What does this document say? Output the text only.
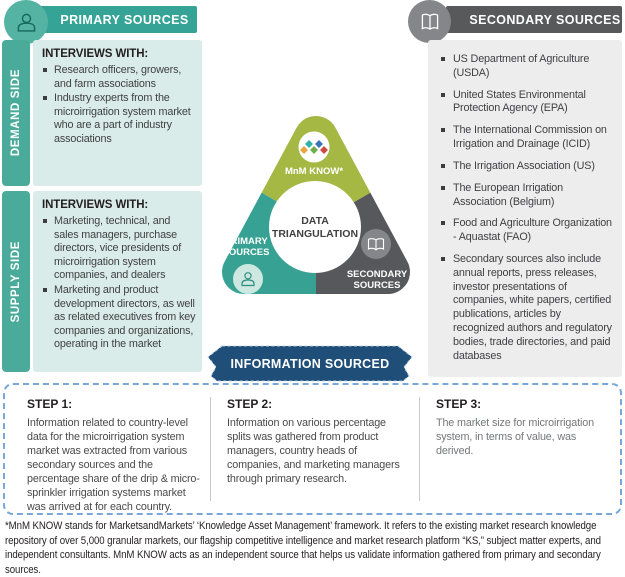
PRIMARY SOURCES	SECONDARY SOURCES
DEMAND SIDE
INTERVIEWS WITH:
Research officers, growers, and farm associations
Industry experts from the microirrigation system market who are a part of industry associations
SUPPLY SIDE
INTERVIEWS WITH:
Marketing, technical, and sales managers, purchase directors, vice presidents of microirrigation system companies, and dealers
Marketing and product development directors, as well as related executives from key companies and organizations, operating in the market
US Department of Agriculture (USDA)
United States Environmental Protection Agency (EPA)
The International Commission on Irrigation and Drainage (ICID)
The Irrigation Association (US)
The European Irrigation Association (Belgium)
Food and Agriculture Organization - Aquastat (FAO)
Secondary sources also include annual reports, press releases, investor presentations of companies, white papers, certified publications, articles by recognized authors and regulatory bodies, trade directories, and paid databases
MnM KNOW*
DATA
TRIANGULATION
PRIMARY
SOURCES
SECONDARY
SOURCES
INFORMATION SOURCED
STEP 1:
Information related to country-level data for the microirrigation system market was extracted from various secondary sources and the percentage share of the drip & micro-sprinkler irrigation systems market was arrived at for each country.
STEP 2:
Information on various percentage splits was gathered from product managers, country heads of companies, and marketing managers through primary research.
STEP 3:
The market size for microirrigation system, in terms of value, was derived.
*MnM KNOW stands for MarketsandMarkets’ ‘Knowledge Asset Management’ framework. It refers to the existing market research knowledge repository of over 5,000 granular markets, our flagship competitive intelligence and market research platform “KS,” subject matter experts, and independent consultants. MnM KNOW acts as an independent source that helps us validate information gathered from primary and secondary sources.
